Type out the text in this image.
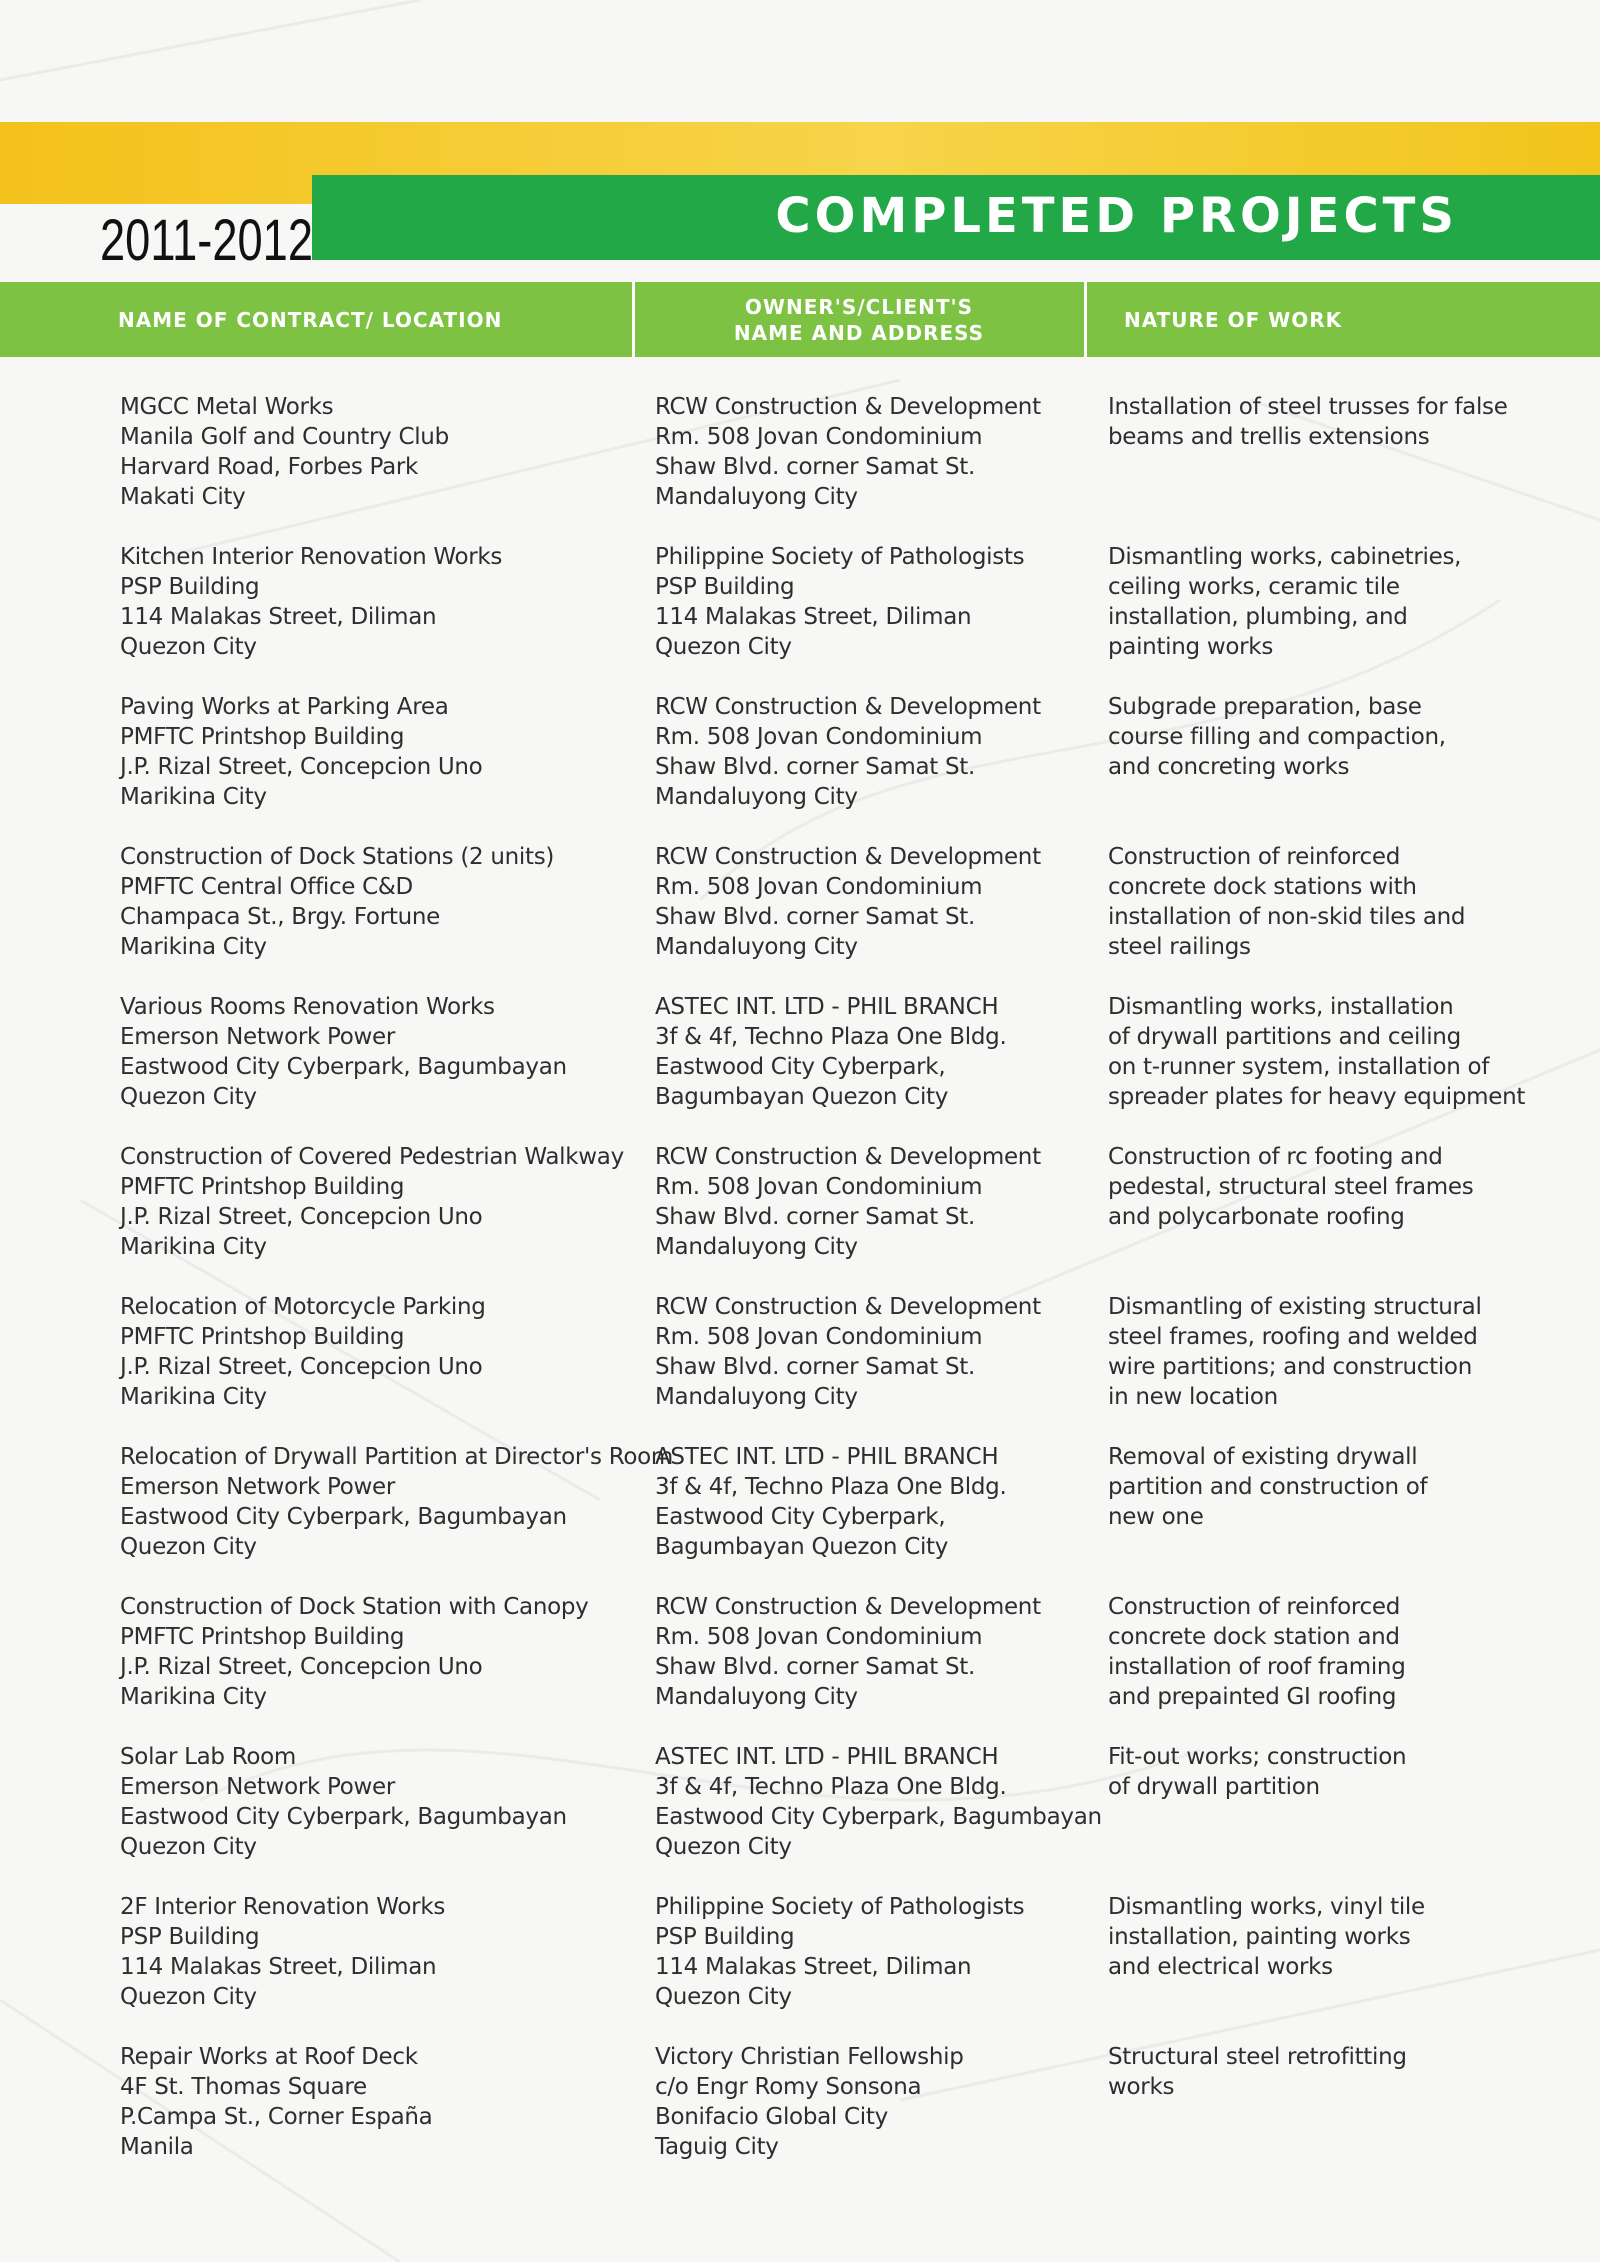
COMPLETED PROJECTS
2011-2012
NAME OF CONTRACT/ LOCATION
OWNER'S/CLIENT'S NAME AND ADDRESS
NATURE OF WORK
MGCC Metal Works
Manila Golf and Country Club
Harvard Road, Forbes Park
Makati City
RCW Construction & Development
Rm. 508 Jovan Condominium
Shaw Blvd. corner Samat St.
Mandaluyong City
Installation of steel trusses for false
beams and trellis extensions
Kitchen Interior Renovation Works
PSP Building
114 Malakas Street, Diliman
Quezon City
Philippine Society of Pathologists
PSP Building
114 Malakas Street, Diliman
Quezon City
Dismantling works, cabinetries,
ceiling works, ceramic tile
installation, plumbing, and
painting works
Paving Works at Parking Area
PMFTC Printshop Building
J.P. Rizal Street, Concepcion Uno
Marikina City
RCW Construction & Development
Rm. 508 Jovan Condominium
Shaw Blvd. corner Samat St.
Mandaluyong City
Subgrade preparation, base
course filling and compaction,
and concreting works
Construction of Dock Stations (2 units)
PMFTC Central Office C&D
Champaca St., Brgy. Fortune
Marikina City
RCW Construction & Development
Rm. 508 Jovan Condominium
Shaw Blvd. corner Samat St.
Mandaluyong City
Construction of reinforced
concrete dock stations with
installation of non-skid tiles and
steel railings
Various Rooms Renovation Works
Emerson Network Power
Eastwood City Cyberpark, Bagumbayan
Quezon City
ASTEC INT. LTD - PHIL BRANCH
3f & 4f, Techno Plaza One Bldg.
Eastwood City Cyberpark,
Bagumbayan Quezon City
Dismantling works, installation
of drywall partitions and ceiling
on t-runner system, installation of
spreader plates for heavy equipment
Construction of Covered Pedestrian Walkway
PMFTC Printshop Building
J.P. Rizal Street, Concepcion Uno
Marikina City
RCW Construction & Development
Rm. 508 Jovan Condominium
Shaw Blvd. corner Samat St.
Mandaluyong City
Construction of rc footing and
pedestal, structural steel frames
and polycarbonate roofing
Relocation of Motorcycle Parking
PMFTC Printshop Building
J.P. Rizal Street, Concepcion Uno
Marikina City
RCW Construction & Development
Rm. 508 Jovan Condominium
Shaw Blvd. corner Samat St.
Mandaluyong City
Dismantling of existing structural
steel frames, roofing and welded
wire partitions; and construction
in new location
Relocation of Drywall Partition at Director's Room
Emerson Network Power
Eastwood City Cyberpark, Bagumbayan
Quezon City
ASTEC INT. LTD - PHIL BRANCH
3f & 4f, Techno Plaza One Bldg.
Eastwood City Cyberpark,
Bagumbayan Quezon City
Removal of existing drywall
partition and construction of
new one
Construction of Dock Station with Canopy
PMFTC Printshop Building
J.P. Rizal Street, Concepcion Uno
Marikina City
RCW Construction & Development
Rm. 508 Jovan Condominium
Shaw Blvd. corner Samat St.
Mandaluyong City
Construction of reinforced
concrete dock station and
installation of roof framing
and prepainted GI roofing
Solar Lab Room
Emerson Network Power
Eastwood City Cyberpark, Bagumbayan
Quezon City
ASTEC INT. LTD - PHIL BRANCH
3f & 4f, Techno Plaza One Bldg.
Eastwood City Cyberpark, Bagumbayan
Quezon City
Fit-out works; construction
of drywall partition
2F Interior Renovation Works
PSP Building
114 Malakas Street, Diliman
Quezon City
Philippine Society of Pathologists
PSP Building
114 Malakas Street, Diliman
Quezon City
Dismantling works, vinyl tile
installation, painting works
and electrical works
Repair Works at Roof Deck
4F St. Thomas Square
P.Campa St., Corner España
Manila
Victory Christian Fellowship
c/o Engr Romy Sonsona
Bonifacio Global City
Taguig City
Structural steel retrofitting
works
